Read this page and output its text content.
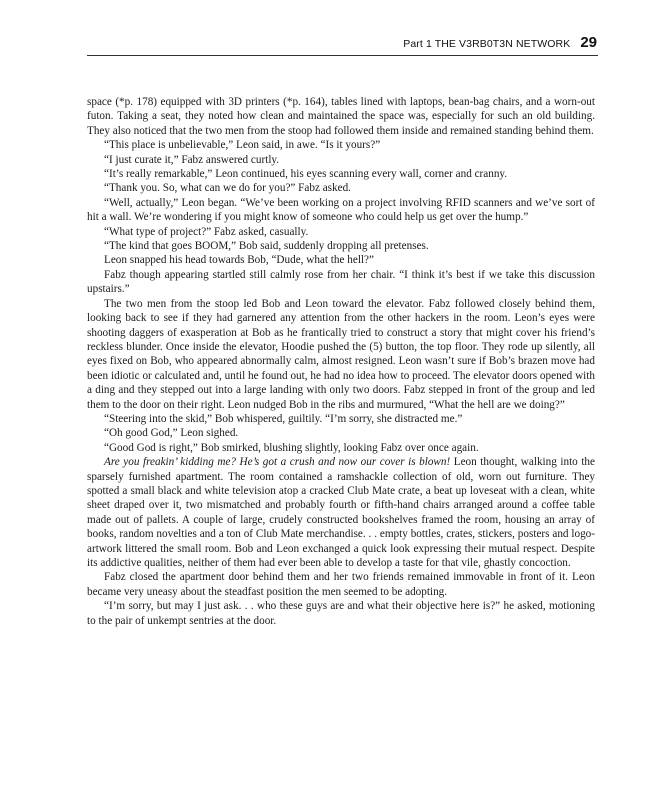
Part 1 THE V3RB0T3N NETWORK 29

space (*p. 178) equipped with 3D printers (*p. 164), tables lined with laptops, bean-bag chairs, and a worn-out futon. Taking a seat, they noted how clean and maintained the space was, especially for such an old building. They also noticed that the two men from the stoop had followed them inside and remained standing behind them.

“This place is unbelievable,” Leon said, in awe. “Is it yours?”

“I just curate it,” Fabz answered curtly.

“It’s really remarkable,” Leon continued, his eyes scanning every wall, corner and cranny.

“Thank you. So, what can we do for you?” Fabz asked.

“Well, actually,” Leon began. “We’ve been working on a project involving RFID scanners and we’ve sort of hit a wall. We’re wondering if you might know of someone who could help us get over the hump.”

“What type of project?” Fabz asked, casually.

“The kind that goes BOOM,” Bob said, suddenly dropping all pretenses.

Leon snapped his head towards Bob, “Dude, what the hell?”

Fabz though appearing startled still calmly rose from her chair. “I think it’s best if we take this discussion upstairs.”

The two men from the stoop led Bob and Leon toward the elevator. Fabz followed closely behind them, looking back to see if they had garnered any attention from the other hackers in the room. Leon’s eyes were shooting daggers of exasperation at Bob as he frantically tried to construct a story that might cover his friend’s reckless blunder. Once inside the elevator, Hoodie pushed the (5) button, the top floor. They rode up silently, all eyes fixed on Bob, who appeared abnormally calm, almost resigned. Leon wasn’t sure if Bob’s brazen move had been idiotic or calculated and, until he found out, he had no idea how to proceed. The elevator doors opened with a ding and they stepped out into a large landing with only two doors. Fabz stepped in front of the group and led them to the door on their right. Leon nudged Bob in the ribs and murmured, “What the hell are we doing?”

“Steering into the skid,” Bob whispered, guiltily. “I’m sorry, she distracted me.”

“Oh good God,” Leon sighed.

“Good God is right,” Bob smirked, blushing slightly, looking Fabz over once again.

Are you freakin’ kidding me? He’s got a crush and now our cover is blown! Leon thought, walking into the sparsely furnished apartment. The room contained a ramshackle collection of old, worn out furniture. They spotted a small black and white television atop a cracked Club Mate crate, a beat up loveseat with a clean, white sheet draped over it, two mismatched and probably fourth or fifth-hand chairs arranged around a coffee table made out of pallets. A couple of large, crudely constructed bookshelves framed the room, housing an array of books, random novelties and a ton of Club Mate merchandise. . . empty bottles, crates, stickers, posters and logo-artwork littered the small room. Bob and Leon exchanged a quick look expressing their mutual respect. Despite its addictive qualities, neither of them had ever been able to develop a taste for that vile, ghastly concoction.

Fabz closed the apartment door behind them and her two friends remained immovable in front of it. Leon became very uneasy about the steadfast position the men seemed to be adopting.

“I’m sorry, but may I just ask. . . who these guys are and what their objective here is?” he asked, motioning to the pair of unkempt sentries at the door.
